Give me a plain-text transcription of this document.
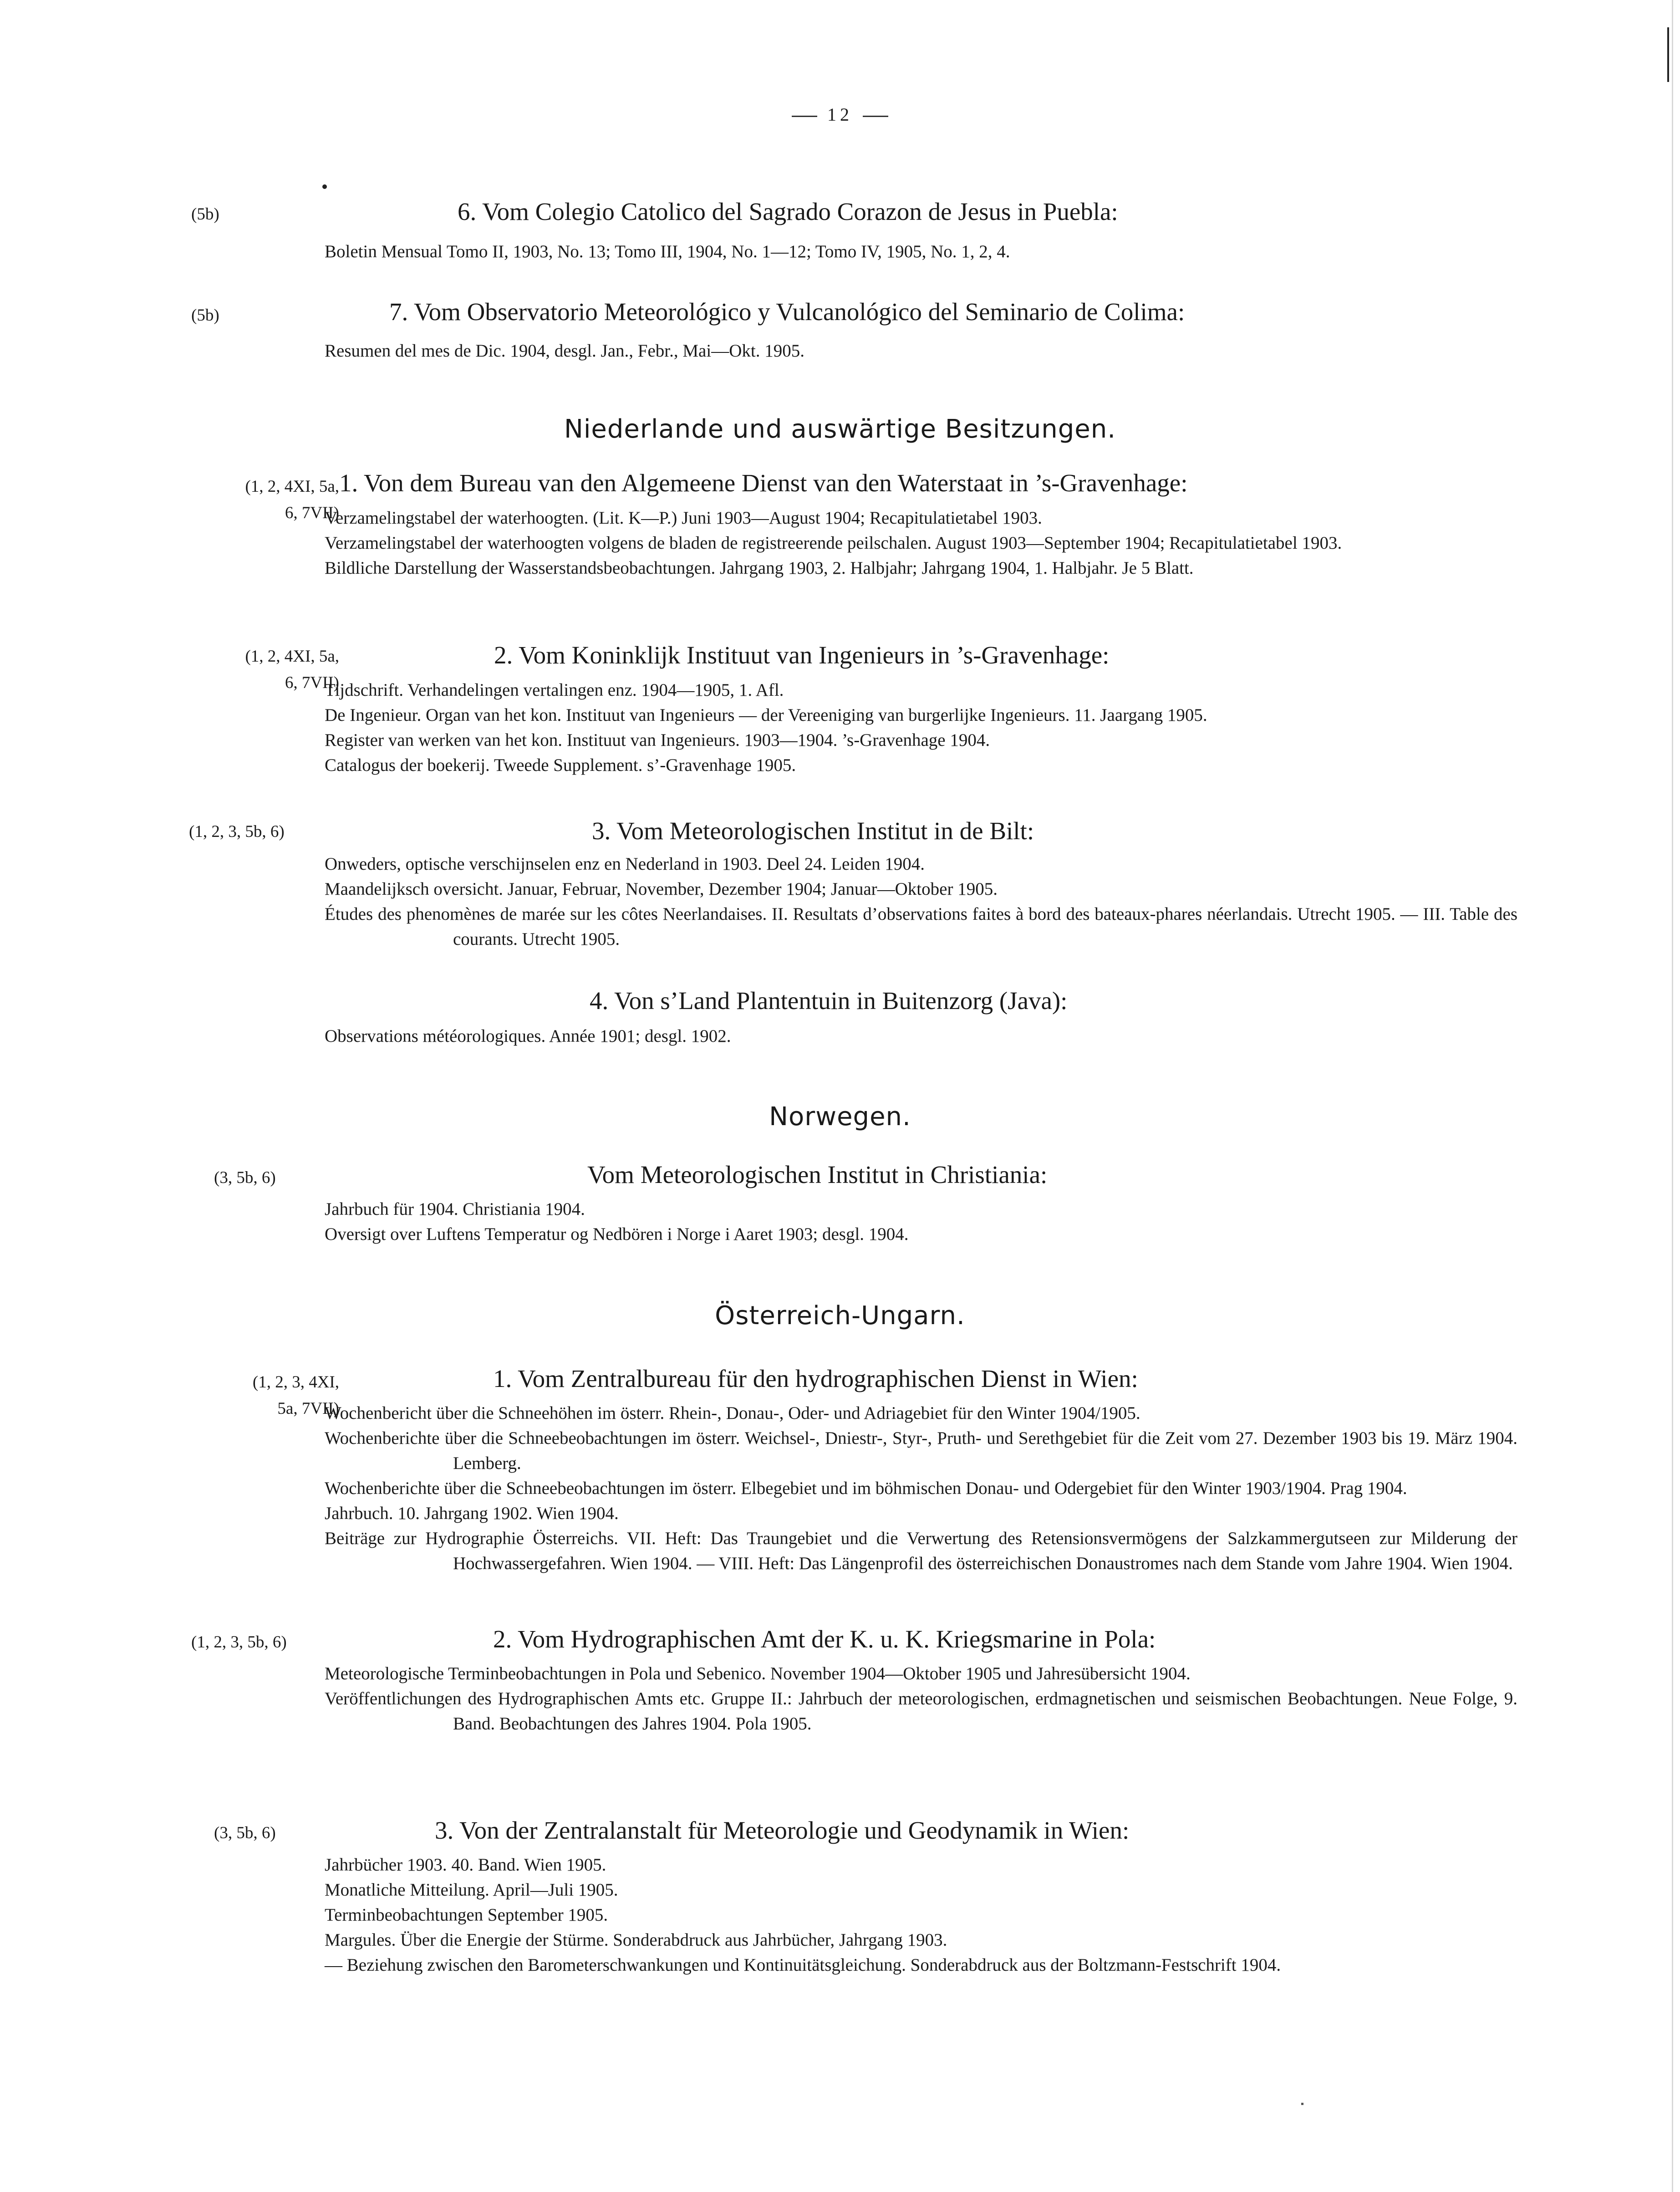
12
(5b)	6. Vom Colegio Catolico del Sagrado Corazon de Jesus in Puebla:
Boletin Mensual Tomo II, 1903, No. 13; Tomo III, 1904, No. 1—12; Tomo IV, 1905, No. 1, 2, 4.
(5b)	7. Vom Observatorio Meteorológico y Vulcanológico del Seminario de Colima:
Resumen del mes de Dic. 1904, desgl. Jan., Febr., Mai—Okt. 1905.
Niederlande und auswärtige Besitzungen.
(1, 2, 4XI, 5a,
6, 7VII)
1. Von dem Bureau van den Algemeene Dienst van den Waterstaat in ’s-Gravenhage:
Verzamelingstabel der waterhoogten. (Lit. K—P.) Juni 1903—August 1904; Recapitulatietabel 1903.
Verzamelingstabel der waterhoogten volgens de bladen de registreerende peilschalen. August 1903—September 1904; Recapitulatietabel 1903.
Bildliche Darstellung der Wasserstandsbeobachtungen. Jahrgang 1903, 2. Halbjahr; Jahrgang 1904, 1. Halbjahr. Je 5 Blatt.
(1, 2, 4XI, 5a,
6, 7VII)
2. Vom Koninklijk Instituut van Ingenieurs in ’s-Gravenhage:
Tijdschrift. Verhandelingen vertalingen enz. 1904—1905, 1. Afl.
De Ingenieur. Organ van het kon. Instituut van Ingenieurs — der Vereeniging van burgerlijke Ingenieurs. 11. Jaargang 1905.
Register van werken van het kon. Instituut van Ingenieurs. 1903—1904. ’s-Gravenhage 1904.
Catalogus der boekerij. Tweede Supplement. s’-Gravenhage 1905.
(1, 2, 3, 5b, 6)	3. Vom Meteorologischen Institut in de Bilt:
Onweders, optische verschijnselen enz en Nederland in 1903. Deel 24. Leiden 1904.
Maandelijksch oversicht. Januar, Februar, November, Dezember 1904; Januar—Oktober 1905.
Études des phenomènes de marée sur les côtes Neerlandaises. II. Resultats d’observations faites à bord des bateaux-phares néerlandais. Utrecht 1905. — III. Table des courants. Utrecht 1905.
4. Von s’Land Plantentuin in Buitenzorg (Java):
Observations météorologiques. Année 1901; desgl. 1902.
Norwegen.
(3, 5b, 6)	Vom Meteorologischen Institut in Christiania:
Jahrbuch für 1904. Christiania 1904.
Oversigt over Luftens Temperatur og Nedbören i Norge i Aaret 1903; desgl. 1904.
Österreich-Ungarn.
(1, 2, 3, 4XI,
5a, 7VII)
1. Vom Zentralbureau für den hydrographischen Dienst in Wien:
Wochenbericht über die Schneehöhen im österr. Rhein-, Donau-, Oder- und Adriagebiet für den Winter 1904/1905.
Wochenberichte über die Schneebeobachtungen im österr. Weichsel-, Dniestr-, Styr-, Pruth- und Serethgebiet für die Zeit vom 27. Dezember 1903 bis 19. März 1904. Lemberg.
Wochenberichte über die Schneebeobachtungen im österr. Elbegebiet und im böhmischen Donau- und Odergebiet für den Winter 1903/1904. Prag 1904.
Jahrbuch. 10. Jahrgang 1902. Wien 1904.
Beiträge zur Hydrographie Österreichs. VII. Heft: Das Traungebiet und die Verwertung des Retensionsvermögens der Salzkammergutseen zur Milderung der Hochwassergefahren. Wien 1904. — VIII. Heft: Das Längenprofil des österreichischen Donaustromes nach dem Stande vom Jahre 1904. Wien 1904.
(1, 2, 3, 5b, 6)	2. Vom Hydrographischen Amt der K. u. K. Kriegsmarine in Pola:
Meteorologische Terminbeobachtungen in Pola und Sebenico. November 1904—Oktober 1905 und Jahresübersicht 1904.
Veröffentlichungen des Hydrographischen Amts etc. Gruppe II.: Jahrbuch der meteorologischen, erdmagnetischen und seismischen Beobachtungen. Neue Folge, 9. Band. Beobachtungen des Jahres 1904. Pola 1905.
(3, 5b, 6)	3. Von der Zentralanstalt für Meteorologie und Geodynamik in Wien:
Jahrbücher 1903. 40. Band. Wien 1905.
Monatliche Mitteilung. April—Juli 1905.
Terminbeobachtungen September 1905.
Margules. Über die Energie der Stürme. Sonderabdruck aus Jahrbücher, Jahrgang 1903.
— Beziehung zwischen den Barometerschwankungen und Kontinuitätsgleichung. Sonderabdruck aus der Boltzmann-Festschrift 1904.
